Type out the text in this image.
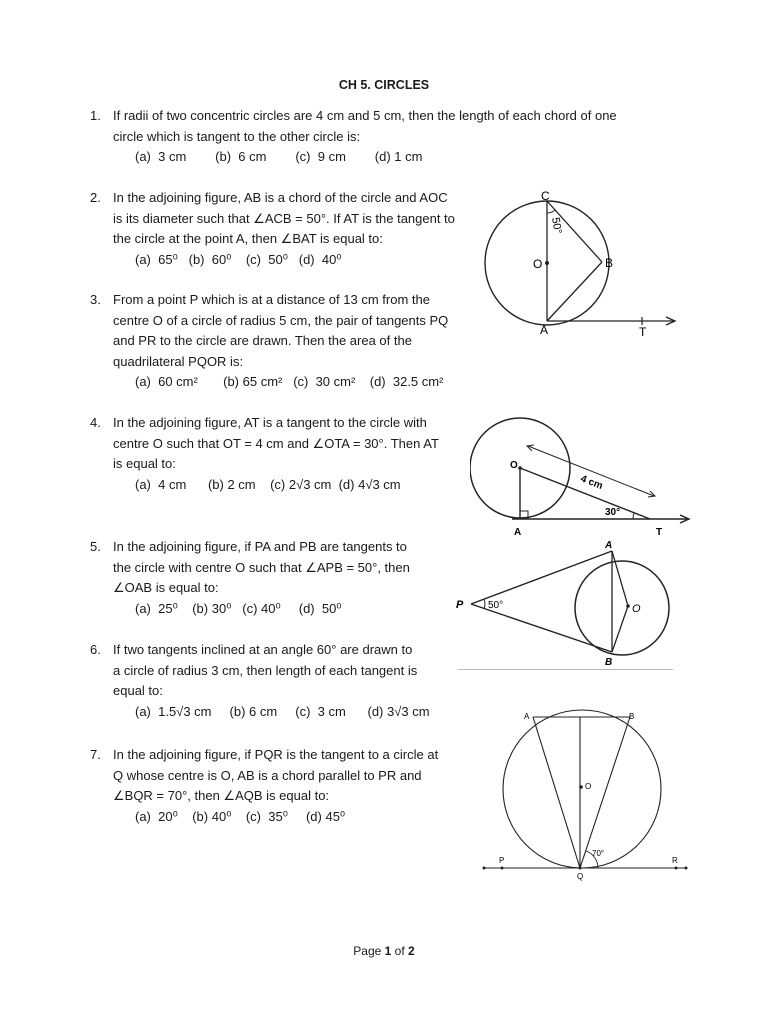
CH 5. CIRCLES
1. If radii of two concentric circles are 4 cm and 5 cm, then the length of each chord of one
circle which is tangent to the other circle is:
(a)  3 cm        (b)  6 cm        (c)  9 cm        (d) 1 cm
2. In the adjoining figure, AB is a chord of the circle and AOC
is its diameter such that ∠ACB = 50°. If AT is the tangent to
the circle at the point A, then ∠BAT is equal to:
(a)  65⁰   (b)  60⁰    (c)  50⁰   (d)  40⁰
3. From a point P which is at a distance of 13 cm from the
centre O of a circle of radius 5 cm, the pair of tangents PQ
and PR to the circle are drawn. Then the area of the
quadrilateral PQOR is:
(a)  60 cm²       (b) 65 cm²   (c)  30 cm²    (d)  32.5 cm²
4. In the adjoining figure, AT is a tangent to the circle with
centre O such that OT = 4 cm and ∠OTA = 30°. Then AT
is equal to:
(a)  4 cm      (b) 2 cm    (c) 2√3 cm  (d) 4√3 cm
5. In the adjoining figure, if PA and PB are tangents to
the circle with centre O such that ∠APB = 50°, then
∠OAB is equal to:
(a)  25⁰    (b) 30⁰   (c) 40⁰     (d)  50⁰
6. If two tangents inclined at an angle 60° are drawn to
a circle of radius 3 cm, then length of each tangent is
equal to:
(a)  1.5√3 cm     (b) 6 cm     (c)  3 cm      (d) 3√3 cm
7. In the adjoining figure, if PQR is the tangent to a circle at
Q whose centre is O, AB is a chord parallel to PR and
∠BQR = 70°, then ∠AQB is equal to:
(a)  20⁰    (b) 40⁰    (c)  35⁰     (d) 45⁰
C
O	B
A	T
50°
O
A	T
4 cm
30°
P
A
B
O
50°
A	B
O
P
Q
R
70°
Page 1 of 2
